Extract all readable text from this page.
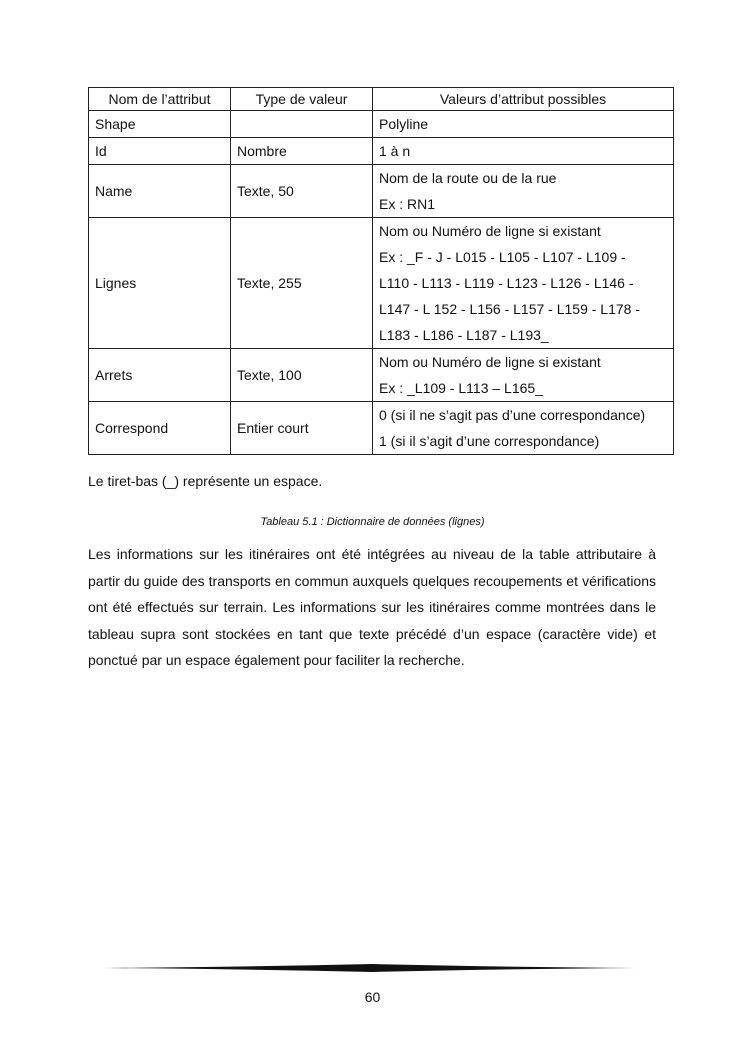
Nom de l’attribut	Type de valeur	Valeurs d’attribut possibles
Shape		Polyline

Id	Nombre	1 à n

Name	Texte, 50	Nom de la route ou de la rue
Ex : RN1

Lignes	Texte, 255	Nom ou Numéro de ligne si existant
Ex : _F - J - L015 - L105 - L107 - L109 -
L110 - L113 - L119 - L123 - L126 - L146 -
L147 - L 152 - L156 - L157 - L159 - L178 -
L183 - L186 - L187 - L193_

Arrets	Texte, 100	Nom ou Numéro de ligne si existant
Ex : _L109 - L113 – L165_

Correspond	Entier court	0 (si il ne s’agit pas d’une correspondance)
1 (si il s’agit d’une correspondance)
Le tiret-bas (_) représente un espace.
Tableau 5.1 : Dictionnaire de données (lignes)

Les informations sur les itinéraires ont été intégrées au niveau de la table attributaire à partir du guide des transports en commun auxquels quelques recoupements et vérifications ont été effectués sur terrain. Les informations sur les itinéraires comme montrées dans le tableau supra sont stockées en tant que texte précédé d’un espace (caractère vide) et ponctué par un espace également pour faciliter la recherche.

60
